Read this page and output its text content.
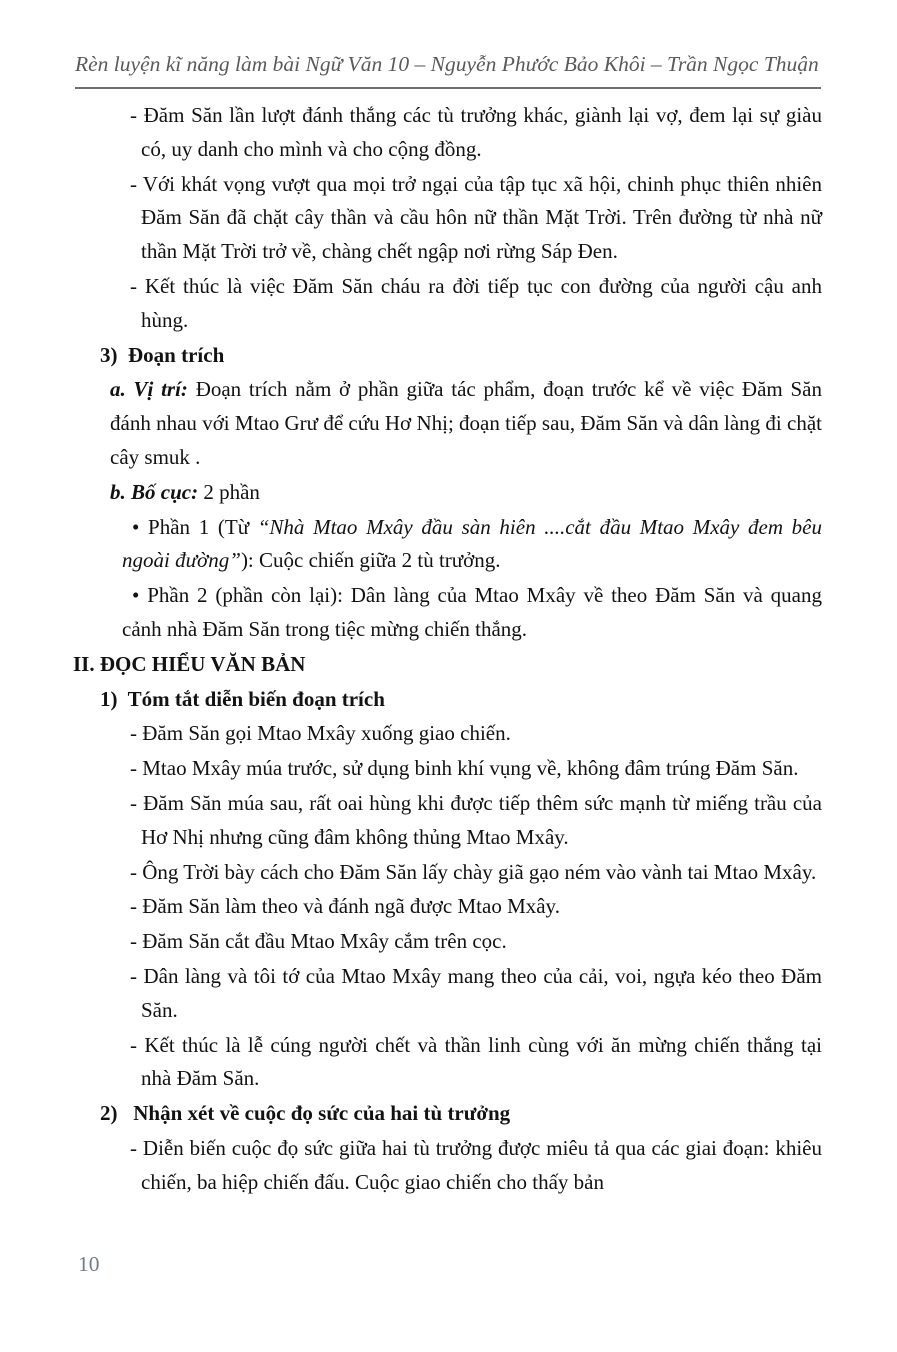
Rèn luyện kĩ năng làm bài Ngữ Văn 10 – Nguyễn Phước Bảo Khôi – Trần Ngọc Thuận

- Đăm Săn lần lượt đánh thắng các tù trưởng khác, giành lại vợ, đem lại sự giàu có, uy danh cho mình và cho cộng đồng.

- Với khát vọng vượt qua mọi trở ngại của tập tục xã hội, chinh phục thiên nhiên Đăm Săn đã chặt cây thần và cầu hôn nữ thần Mặt Trời. Trên đường từ nhà nữ thần Mặt Trời trở về, chàng chết ngập nơi rừng Sáp Đen.

- Kết thúc là việc Đăm Săn cháu ra đời tiếp tục con đường của người cậu anh hùng.

3) Đoạn trích

a. Vị trí: Đoạn trích nằm ở phần giữa tác phẩm, đoạn trước kể về việc Đăm Săn đánh nhau với Mtao Grư để cứu Hơ Nhị; đoạn tiếp sau, Đăm Săn và dân làng đi chặt cây smuk .

b. Bố cục: 2 phần

• Phần 1 (Từ “Nhà Mtao Mxây đầu sàn hiên ....cắt đầu Mtao Mxây đem bêu ngoài đường”): Cuộc chiến giữa 2 tù trưởng.

• Phần 2 (phần còn lại): Dân làng của Mtao Mxây về theo Đăm Săn và quang cảnh nhà Đăm Săn trong tiệc mừng chiến thắng.

II. ĐỌC HIỂU VĂN BẢN

1) Tóm tắt diễn biến đoạn trích

- Đăm Săn gọi Mtao Mxây xuống giao chiến.

- Mtao Mxây múa trước, sử dụng binh khí vụng về, không đâm trúng Đăm Săn.

- Đăm Săn múa sau, rất oai hùng khi được tiếp thêm sức mạnh từ miếng trầu của Hơ Nhị nhưng cũng đâm không thủng Mtao Mxây.

- Ông Trời bày cách cho Đăm Săn lấy chày giã gạo ném vào vành tai Mtao Mxây.

- Đăm Săn làm theo và đánh ngã được Mtao Mxây.

- Đăm Săn cắt đầu Mtao Mxây cắm trên cọc.

- Dân làng và tôi tớ của Mtao Mxây mang theo của cải, voi, ngựa kéo theo Đăm Săn.

- Kết thúc là lễ cúng người chết và thần linh cùng với ăn mừng chiến thắng tại nhà Đăm Săn.

2) Nhận xét về cuộc đọ sức của hai tù trưởng

- Diễn biến cuộc đọ sức giữa hai tù trưởng được miêu tả qua các giai đoạn: khiêu chiến, ba hiệp chiến đấu. Cuộc giao chiến cho thấy bản

10
